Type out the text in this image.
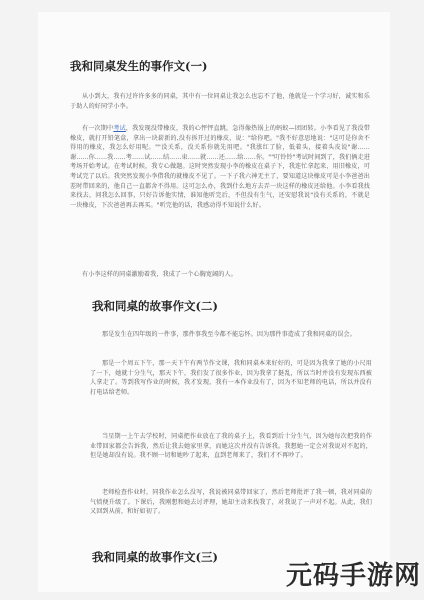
我和同桌发生的事作文(一)

从小到大，我有过许许多多的同桌，其中有一位同桌让我怎么也忘不了他，他就是一个学习好，诚实和乐于助人的好同学小李。

有一次期中考试，我发现没带橡皮，我的心怦怦直跳，急得像热锅上的蚂蚁—团团转。小李看见了我没带橡皮，就打开铅笔盒，拿出一块崭新的,没有拆开过的橡皮，说："给你吧。"我不好意思地说："这可是你舍不得用的橡皮，我怎么好用呢。""没关系，没关系你就先用吧。"我涨红了脸，低着头，接着头皮说"谢……谢……你……我……考……试……结……束……就……还……给……你。""叮铃铃"考试时间到了，我们俩走进考场开始考试。在考试时候，我专心做题。这时突然发现小李的橡皮在桌子下，我连忙拿起来，用旧橡皮，可考试完了以后。我突然发现小李借我的就橡皮不见了。一下子我六神无主了，要知道这块橡皮可是小李爸爸出差时带回来的，他自己一直都舍不得用。这可怎么办，我到什么地方去弄一块这样的橡皮还给他。小李看我找来找去，问我怎么回事，只好告诉他实情，谁知他听完后，不但没有生气，还安慰我说"没有关系的，不就是一块橡皮，下次爸爸再去再买。"听完他的话，我感动得不知说什么好。

有小李这样的同桌激励着我，我成了一个心胸宽阔的人。

我和同桌的故事作文(二)

那是发生在四年级的一件事，那件事我至今都不能忘怀。因为那件事造成了我和同桌的误会。

那是一个周五下午，那一天下午有两节作文课，我和同桌本来好好的，可是因为我拿了她的小尺用了一下，她就十分生气，那天下午，我们发了很多作业，因为我拿了挺乱，所以当时并没有发现东西被人拿走了。等到我写作业的时候，我才发现，我有一本作业没有了，因为不知老师的电话，所以并没有打电话给老师。

当星期一上午去学校时，同桌把作业放在了我的桌子上，我看到后十分生气，因为她每次把我的作业带回家都会告诉我，然后让我去她家里拿，而她这次并没有告诉我。我想她一定会对我说对不起的，但是她却没有说。我不顾一切和她吵了起来，直到老师来了，我们才不再吵了。

老师检查作业时，同我作业怎么没写，我说被同桌带回家了，然后老师批评了我一顿，我对同桌的气愤便升级了。下课后，我刚想和她去讨评理，她却主动来找我了，对我说了一声对不起。从此，我们又回到从前，和好如初了。

我和同桌的故事作文(三)
元码手游网
